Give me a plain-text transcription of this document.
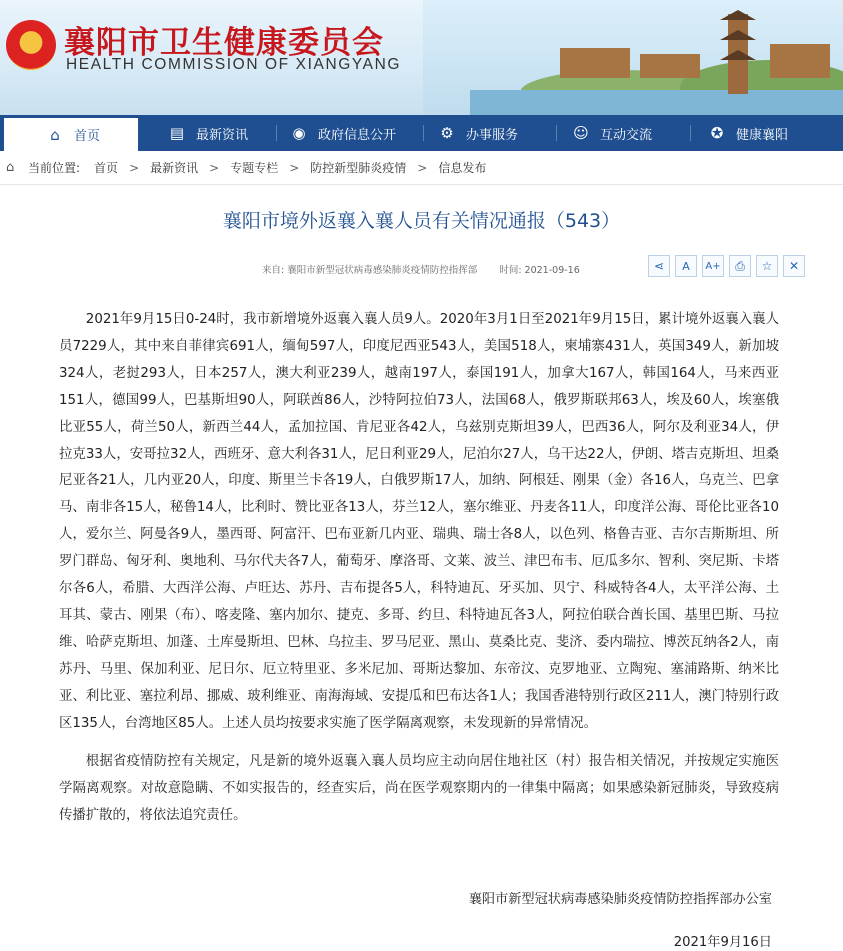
襄阳市卫生健康委员会
HEALTH COMMISSION OF XIANGYANG
⌂	首页	▤ 最新资讯	◉ 政府信息公开	⚙ 办事服务	☺ 互动交流	✪ 健康襄阳
⌂	当前位置: 首页 > 最新资讯 > 专题专栏 > 防控新型肺炎疫情 > 信息发布
襄阳市境外返襄入襄人员有关情况通报（543）
来自: 襄阳市新型冠状病毒感染肺炎疫情防控指挥部 时间: 2021-09-16	⋖	A	A+	⎙	☆	✕

2021年9月15日0-24时，我市新增境外返襄入襄人员9人。2020年3月1日至2021年9月15日，累计境外返襄入襄人员7229人，其中来自菲律宾691人，缅甸597人，印度尼西亚543人，美国518人，柬埔寨431人，英国349人，新加坡324人，老挝293人，日本257人，澳大利亚239人，越南197人，泰国191人，加拿大167人，韩国164人，马来西亚151人，德国99人，巴基斯坦90人，阿联酋86人，沙特阿拉伯73人，法国68人，俄罗斯联邦63人，埃及60人，埃塞俄比亚55人，荷兰50人，新西兰44人，孟加拉国、肯尼亚各42人，乌兹别克斯坦39人，巴西36人，阿尔及利亚34人，伊拉克33人，安哥拉32人，西班牙、意大利各31人，尼日利亚29人，尼泊尔27人，乌干达22人，伊朗、塔吉克斯坦、坦桑尼亚各21人，几内亚20人，印度、斯里兰卡各19人，白俄罗斯17人，加纳、阿根廷、刚果（金）各16人，乌克兰、巴拿马、南非各15人，秘鲁14人，比利时、赞比亚各13人，芬兰12人，塞尔维亚、丹麦各11人，印度洋公海、哥伦比亚各10人，爱尔兰、阿曼各9人，墨西哥、阿富汗、巴布亚新几内亚、瑞典、瑞士各8人，以色列、格鲁吉亚、吉尔吉斯斯坦、所罗门群岛、匈牙利、奥地利、马尔代夫各7人，葡萄牙、摩洛哥、文莱、波兰、津巴布韦、厄瓜多尔、智利、突尼斯、卡塔尔各6人，希腊、大西洋公海、卢旺达、苏丹、吉布提各5人，科特迪瓦、牙买加、贝宁、科威特各4人，太平洋公海、土耳其、蒙古、刚果（布）、喀麦隆、塞内加尔、捷克、多哥、约旦、科特迪瓦各3人，阿拉伯联合酋长国、基里巴斯、马拉维、哈萨克斯坦、加蓬、土库曼斯坦、巴林、乌拉圭、罗马尼亚、黑山、莫桑比克、斐济、委内瑞拉、博茨瓦纳各2人，南苏丹、马里、保加利亚、尼日尔、厄立特里亚、多米尼加、哥斯达黎加、东帝汶、克罗地亚、立陶宛、塞浦路斯、纳米比亚、利比亚、塞拉利昂、挪威、玻利维亚、南海海域、安提瓜和巴布达各1人；我国香港特别行政区211人，澳门特别行政区135人，台湾地区85人。上述人员均按要求实施了医学隔离观察，未发现新的异常情况。

根据省疫情防控有关规定，凡是新的境外返襄入襄人员均应主动向居住地社区（村）报告相关情况，并按规定实施医学隔离观察。对故意隐瞒、不如实报告的，经查实后，尚在医学观察期内的一律集中隔离；如果感染新冠肺炎，导致疫病传播扩散的，将依法追究责任。

襄阳市新型冠状病毒感染肺炎疫情防控指挥部办公室
2021年9月16日
